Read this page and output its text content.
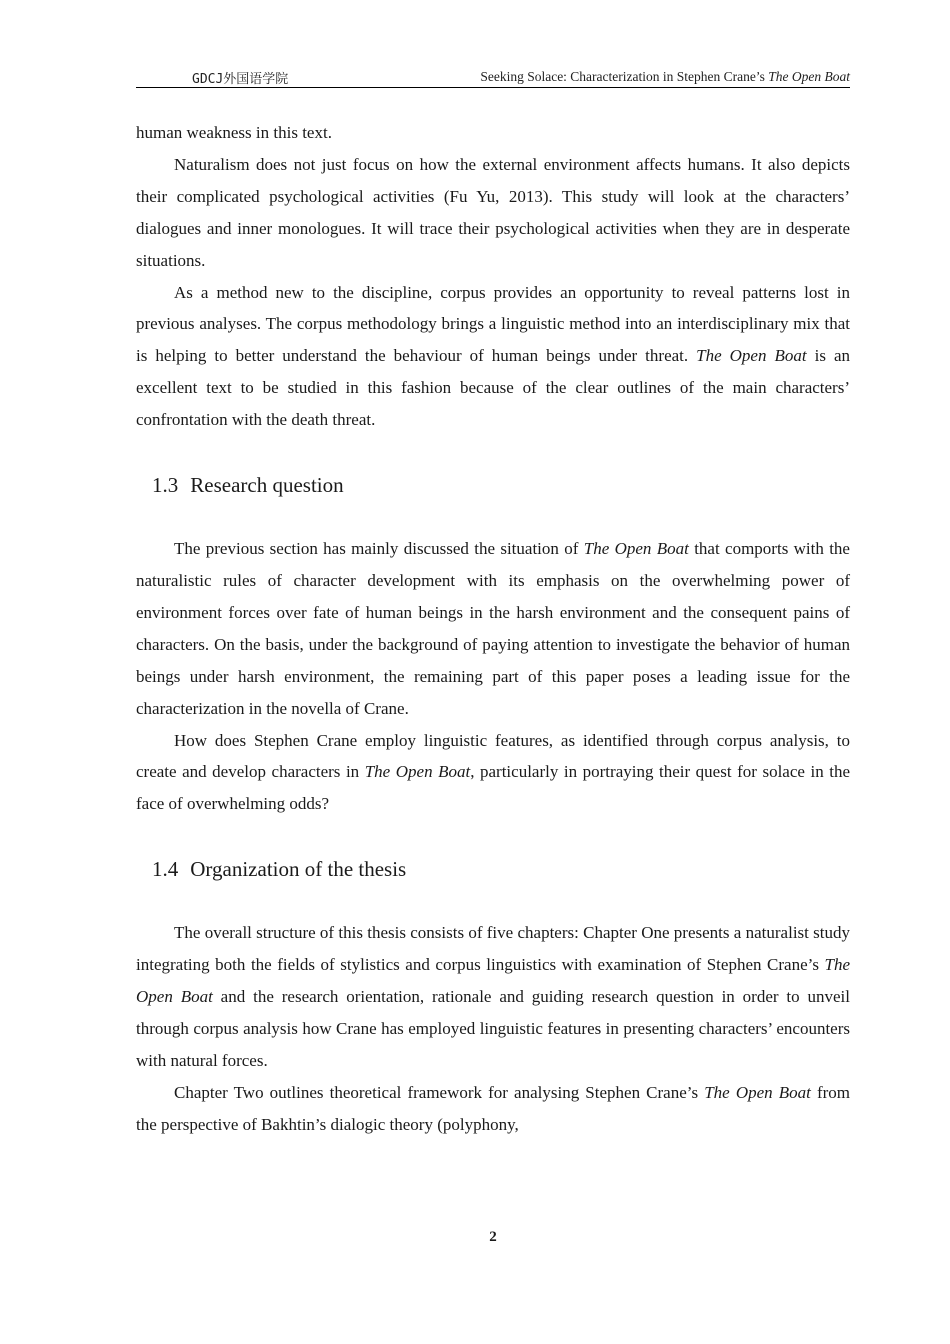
GDCJ外国语学院	Seeking Solace: Characterization in Stephen Crane’s The Open Boat

human weakness in this text.

Naturalism does not just focus on how the external environment affects humans. It also depicts their complicated psychological activities (Fu Yu, 2013). This study will look at the characters’ dialogues and inner monologues. It will trace their psychological activities when they are in desperate situations.

As a method new to the discipline, corpus provides an opportunity to reveal patterns lost in previous analyses. The corpus methodology brings a linguistic method into an interdisciplinary mix that is helping to better understand the behaviour of human beings under threat. The Open Boat is an excellent text to be studied in this fashion because of the clear outlines of the main characters’ confrontation with the death threat.

1.3 Research question

The previous section has mainly discussed the situation of The Open Boat that comports with the naturalistic rules of character development with its emphasis on the overwhelming power of environment forces over fate of human beings in the harsh environment and the consequent pains of characters. On the basis, under the background of paying attention to investigate the behavior of human beings under harsh environment, the remaining part of this paper poses a leading issue for the characterization in the novella of Crane.

How does Stephen Crane employ linguistic features, as identified through corpus analysis, to create and develop characters in The Open Boat, particularly in portraying their quest for solace in the face of overwhelming odds?

1.4 Organization of the thesis

The overall structure of this thesis consists of five chapters: Chapter One presents a naturalist study integrating both the fields of stylistics and corpus linguistics with examination of Stephen Crane’s The Open Boat and the research orientation, rationale and guiding research question in order to unveil through corpus analysis how Crane has employed linguistic features in presenting characters’ encounters with natural forces.

Chapter Two outlines theoretical framework for analysing Stephen Crane’s The Open Boat from the perspective of Bakhtin’s dialogic theory (polyphony,

2
